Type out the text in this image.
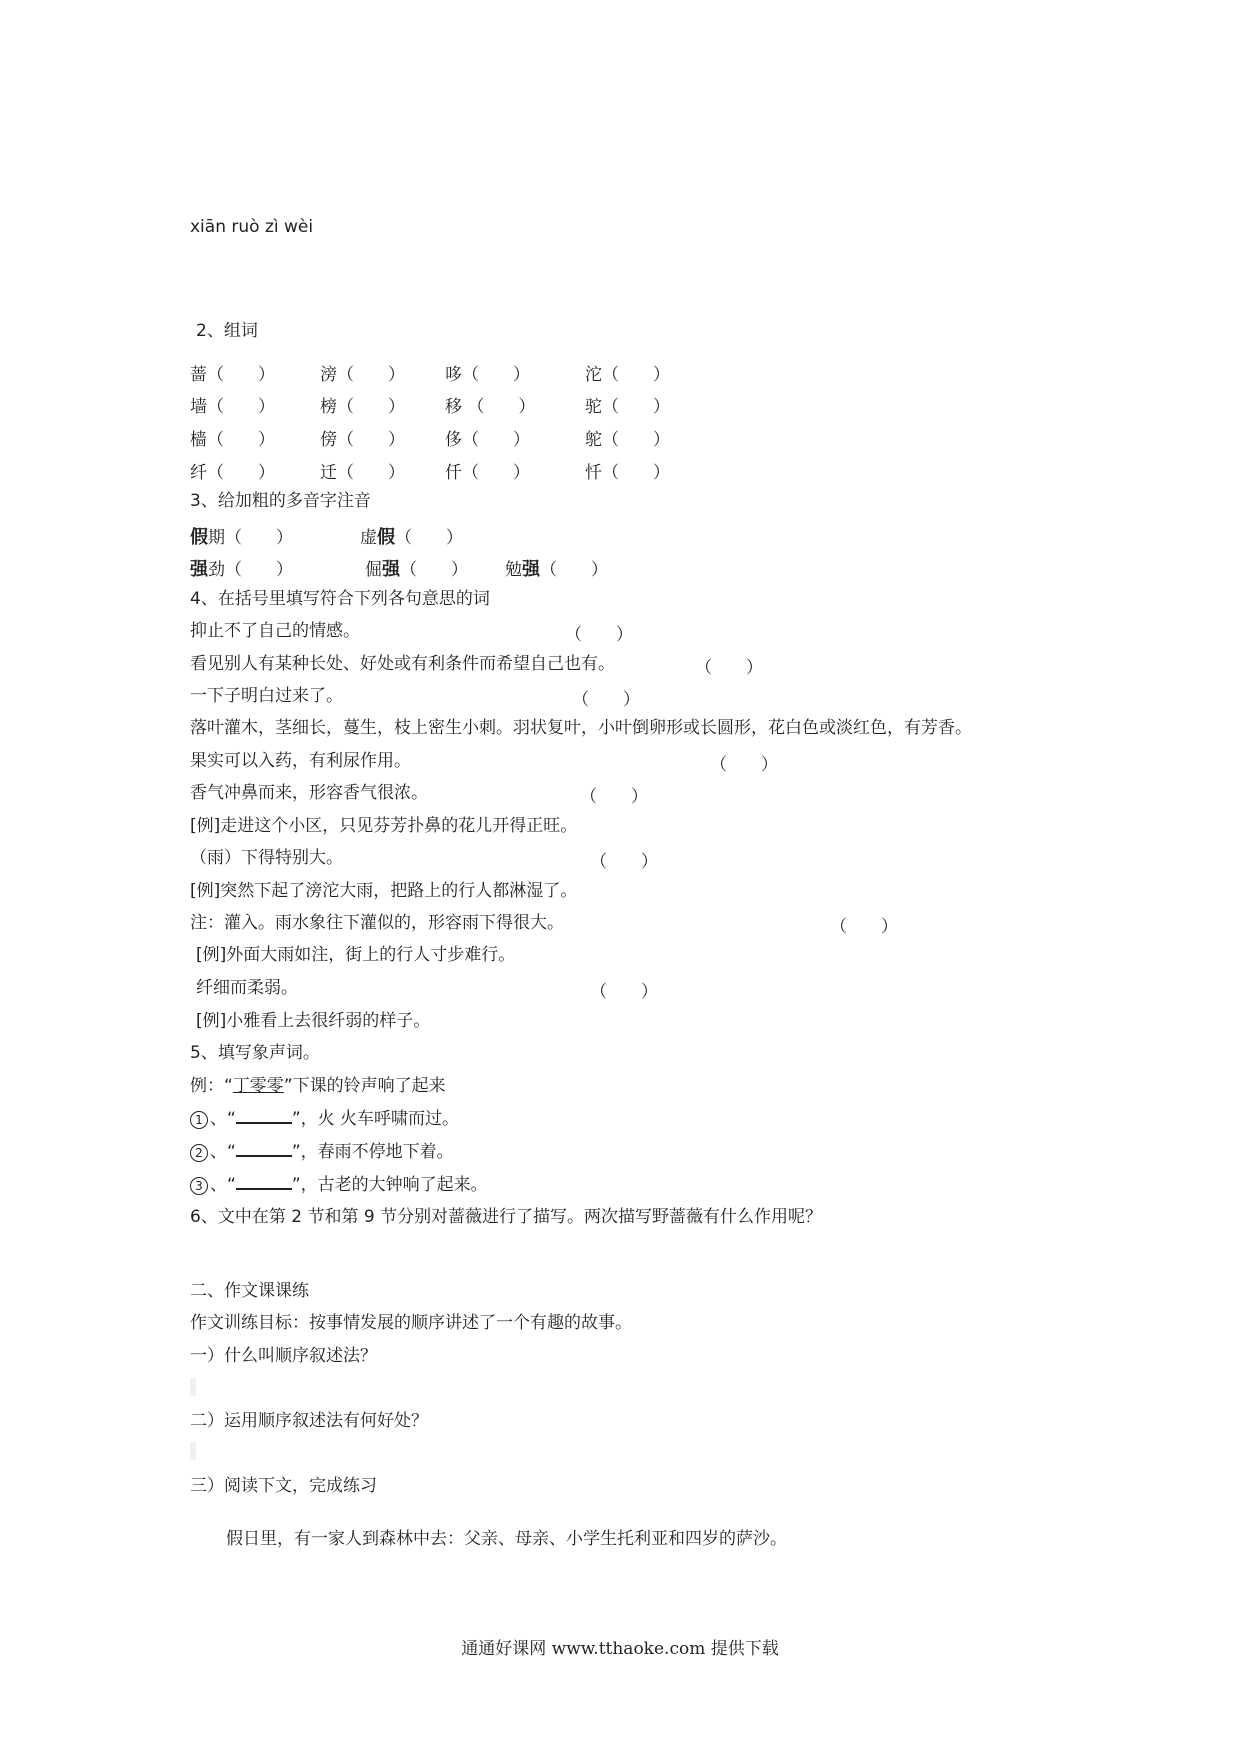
xiān ruò zì wèi
2、组词
蔷（　　）	滂（　　） 哆（　　）	沱（　　）
墙（　　）	榜（　　） 移 （　　）	驼（　　）
樯（　　）	傍（　　） 侈（　　）	鸵（　　）
纤（　　）	迁（　　） 仟（　　）	忏（　　）
3、给加粗的多音字注音
假期（　　）	虚假（　　）
强劲（　　）	倔强（　　） 勉强（　　）
4、在括号里填写符合下列各句意思的词
抑止不了自己的情感。	（　　）
看见别人有某种长处、好处或有利条件而希望自己也有。	（　　）
一下子明白过来了。	（　　）
落叶灌木，茎细长，蔓生，枝上密生小刺。羽状复叶，小叶倒卵形或长圆形，花白色或淡红色，有芳香。
果实可以入药，有利尿作用。	（　　）
香气冲鼻而来，形容香气很浓。	（　　）
[例]走进这个小区，只见芬芳扑鼻的花儿开得正旺。
（雨）下得特别大。	（　　）
[例]突然下起了滂沱大雨，把路上的行人都淋湿了。
注：灌入。雨水象往下灌似的，形容雨下得很大。	（　　）
[例]外面大雨如注，街上的行人寸步难行。
纤细而柔弱。	（　　）
[例]小雅看上去很纤弱的样子。
5、填写象声词。
例：“丁零零”下课的铃声响了起来
1 、“	”，火 火车呼啸而过。
2 、“	”，春雨不停地下着。
3 、“	”，古老的大钟响了起来。
6、文中在第 2 节和第 9 节分别对蔷薇进行了描写。两次描写野蔷薇有什么作用呢？
二、作文课课练
作文训练目标：按事情发展的顺序讲述了一个有趣的故事。
一）什么叫顺序叙述法？
二）运用顺序叙述法有何好处？
三）阅读下文，完成练习
假日里，有一家人到森林中去：父亲、母亲、小学生托利亚和四岁的萨沙。
通通好课网 www.tthaoke.com 提供下载
